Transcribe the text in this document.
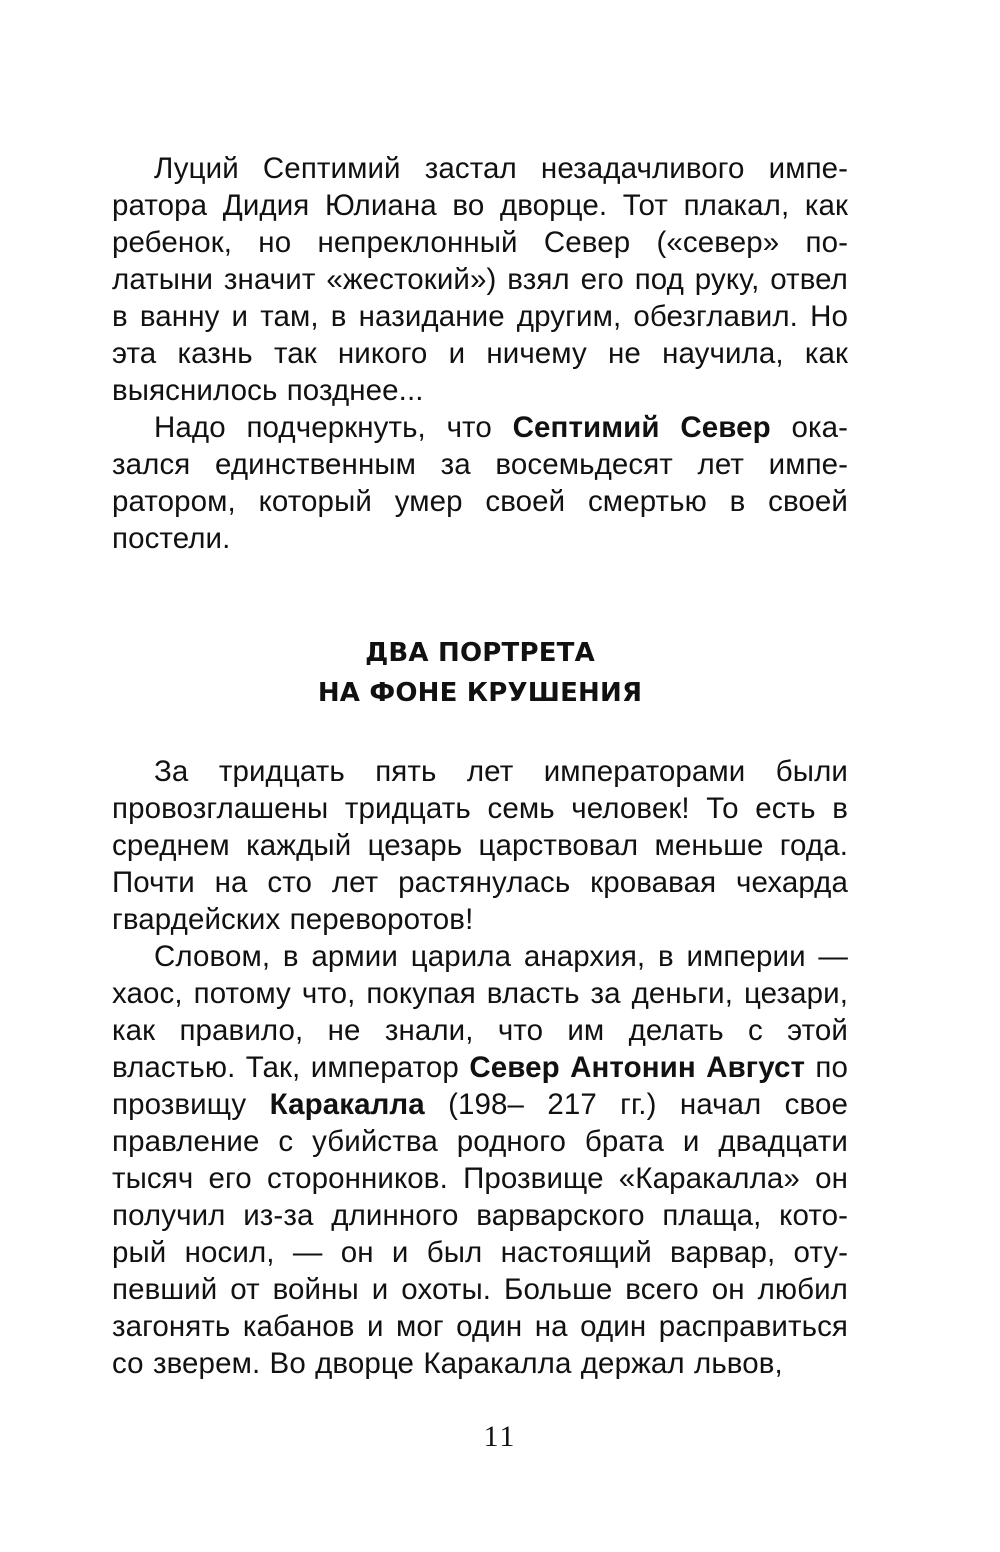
Луций Септимий застал незадачливого императора Дидия Юлиана во дворце. Тот плакал, как ребенок, но непреклонный Север («север» по-латыни значит «жестокий») взял его под руку, отвел в ванну и там, в назидание другим, обезглавил. Но эта казнь так никого и ничему не научила, как выяснилось позднее...

Надо подчеркнуть, что Септимий Север оказался единственным за восемьдесят лет императором, который умер своей смертью в своей постели.

ДВА ПОРТРЕТА
НА ФОНЕ КРУШЕНИЯ

За тридцать пять лет императорами были провозглашены тридцать семь человек! То есть в среднем каждый цезарь царствовал меньше года. Почти на сто лет растянулась кровавая чехарда гвардейских переворотов!

Словом, в армии царила анархия, в империи — хаос, потому что, покупая власть за деньги, цезари, как правило, не знали, что им делать с этой властью. Так, император Север Антонин Август по прозвищу Каракалла (198– 217 гг.) начал свое правление с убийства родного брата и двадцати тысяч его сторонников. Прозвище «Каракалла» он получил из-за длинного варварского плаща, который носил, — он и был настоящий варвар, отупевший от войны и охоты. Больше всего он любил загонять кабанов и мог один на один расправиться со зверем. Во дворце Каракалла держал львов,

11
